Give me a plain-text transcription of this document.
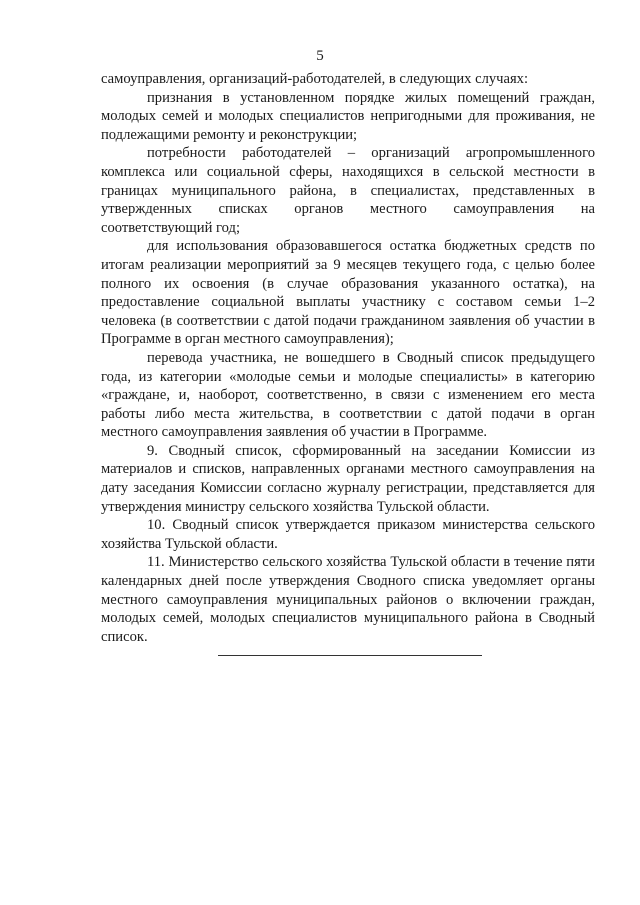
5

самоуправления, организаций-работодателей, в следующих случаях:

признания в установленном порядке жилых помещений граждан, молодых семей и молодых специалистов непригодными для проживания, не подлежащими ремонту и реконструкции;

потребности работодателей – организаций агропромышленного комплекса или социальной сферы, находящихся в сельской местности в границах муниципального района, в специалистах, представленных в утвержденных списках органов местного самоуправления на соответствующий год;

для использования образовавшегося остатка бюджетных средств по итогам реализации мероприятий за 9 месяцев текущего года, с целью более полного их освоения (в случае образования указанного остатка), на предоставление социальной выплаты участнику с составом семьи 1–2 человека (в соответствии с датой подачи гражданином заявления об участии в Программе в орган местного самоуправления);

перевода участника, не вошедшего в Сводный список предыдущего года, из категории «молодые семьи и молодые специалисты» в категорию «граждане, и, наоборот, соответственно, в связи с изменением его места работы либо места жительства, в соответствии с датой подачи в орган местного самоуправления заявления об участии в Программе.

9. Сводный список, сформированный на заседании Комиссии из материалов и списков, направленных органами местного самоуправления на дату заседания Комиссии согласно журналу регистрации, представляется для утверждения министру сельского хозяйства Тульской области.

10. Сводный список утверждается приказом министерства сельского хозяйства Тульской области.

11. Министерство сельского хозяйства Тульской области в течение пяти календарных дней после утверждения Сводного списка уведомляет органы местного самоуправления муниципальных районов о включении граждан, молодых семей, молодых специалистов муниципального района в Сводный список.
